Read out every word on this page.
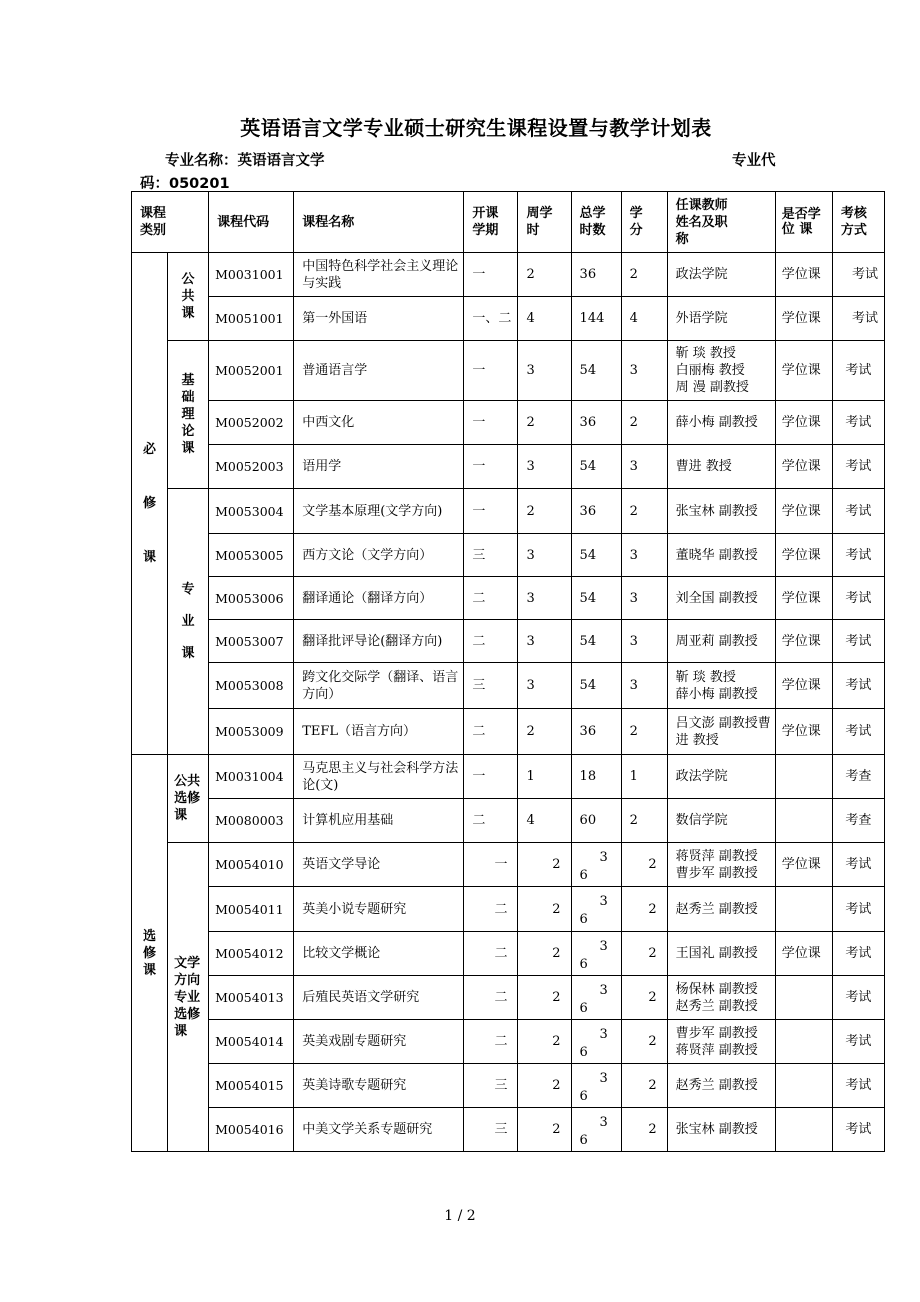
英语语言文学专业硕士研究生课程设置与教学计划表
专业名称：英语语言文学	专业代
码：050201
课程类别		课程代码	课程名称	开课学期	周学时	总学时数	学分	任课教师姓名及职称	是否学 位 课	考核方式
必修课	公共课	M0031001	中国特色科学社会主义理论与实践	一	2	36	2	政法学院	学位课	考试
		M0051001	第一外国语	一、二	4	144	4	外语学院	学位课	考试
	基础理论课	M0052001	普通语言学	一	3	54	3	靳 琰 教授
白丽梅 教授
周 漫 副教授	学位课	考试
		M0052002	中西文化	一	2	36	2	薛小梅 副教授	学位课	考试
		M0052003	语用学	一	3	54	3	曹进 教授	学位课	考试
	专业课	M0053004	文学基本原理(文学方向)	一	2	36	2	张宝林 副教授	学位课	考试
		M0053005	西方文论（文学方向）	三	3	54	3	董晓华 副教授	学位课	考试
		M0053006	翻译通论（翻译方向）	二	3	54	3	刘全国 副教授	学位课	考试
		M0053007	翻译批评导论(翻译方向)	二	3	54	3	周亚莉 副教授	学位课	考试
		M0053008	跨文化交际学（翻译、语言方向）	三	3	54	3	靳 琰 教授
薛小梅 副教授	学位课	考试
		M0053009	TEFL（语言方向）	二	2	36	2	吕文澎 副教授曹进 教授	学位课	考试
选修课	公共选修课	M0031004	马克思主义与社会科学方法论(文)	一	1	18	1	政法学院		考查
		M0080003	计算机应用基础	二	4	60	2	数信学院		考查
	文学方向专业选修课	M0054010	英语文学导论	一	2	3
6	2	蒋贤萍 副教授
曹步军 副教授	学位课	考试
		M0054011	英美小说专题研究	二	2	3
6	2	赵秀兰 副教授		考试
		M0054012	比较文学概论	二	2	3
6	2	王国礼 副教授	学位课	考试
		M0054013	后殖民英语文学研究	二	2	3
6	2	杨保林 副教授
赵秀兰 副教授		考试
		M0054014	英美戏剧专题研究	二	2	3
6	2	曹步军 副教授
蒋贤萍 副教授		考试
		M0054015	英美诗歌专题研究	三	2	3
6	2	赵秀兰 副教授		考试
		M0054016	中美文学关系专题研究	三	2	3
6	2	张宝林 副教授		考试
1 / 2
